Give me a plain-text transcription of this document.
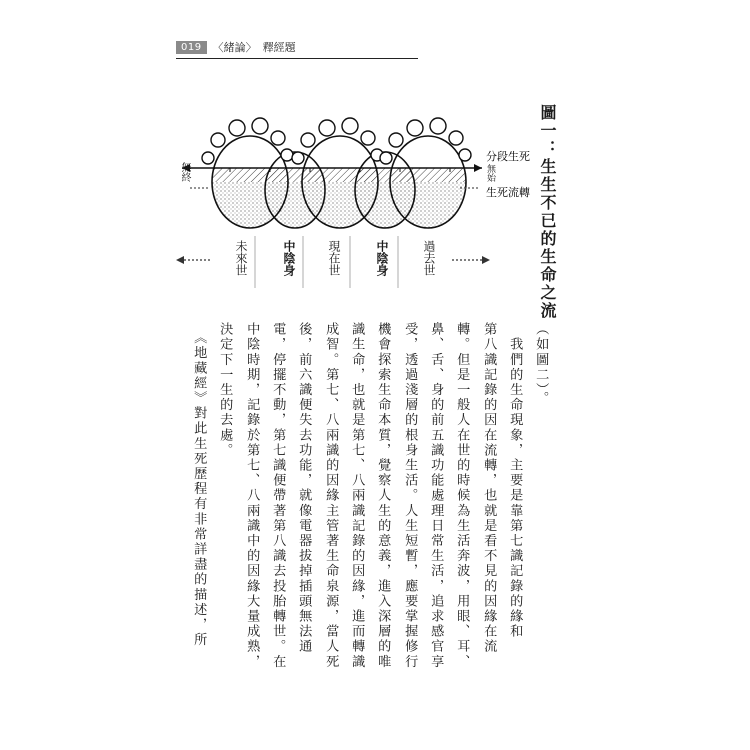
019	〈緒論〉 釋經題
圖一：生生不已的生命之流
分段生死
生死流轉
無終	無始
未來世	中陰身	現在世	中陰身	過去世
（如圖二）。
　我們的生命現象，主要是靠第七識記錄的緣和
第八識記錄的因在流轉，也就是看不見的因緣在流
轉。但是一般人在世的時候為生活奔波，用眼、耳、
鼻、舌、身的前五識功能處理日常生活，追求感官享
受，透過淺層的根身生活。人生短暫，應要掌握修行
機會探索生命本質，覺察人生的意義，進入深層的唯
識生命，也就是第七、八兩識記錄的因緣，進而轉識
成智。第七、八兩識的因緣主管著生命泉源，當人死
後，前六識便失去功能，就像電器拔掉插頭無法通
電，停擺不動，第七識便帶著第八識去投胎轉世。在
中陰時期，記錄於第七、八兩識中的因緣大量成熟，
決定下一生的去處。
　《地藏經》對此生死歷程有非常詳盡的描述，所
